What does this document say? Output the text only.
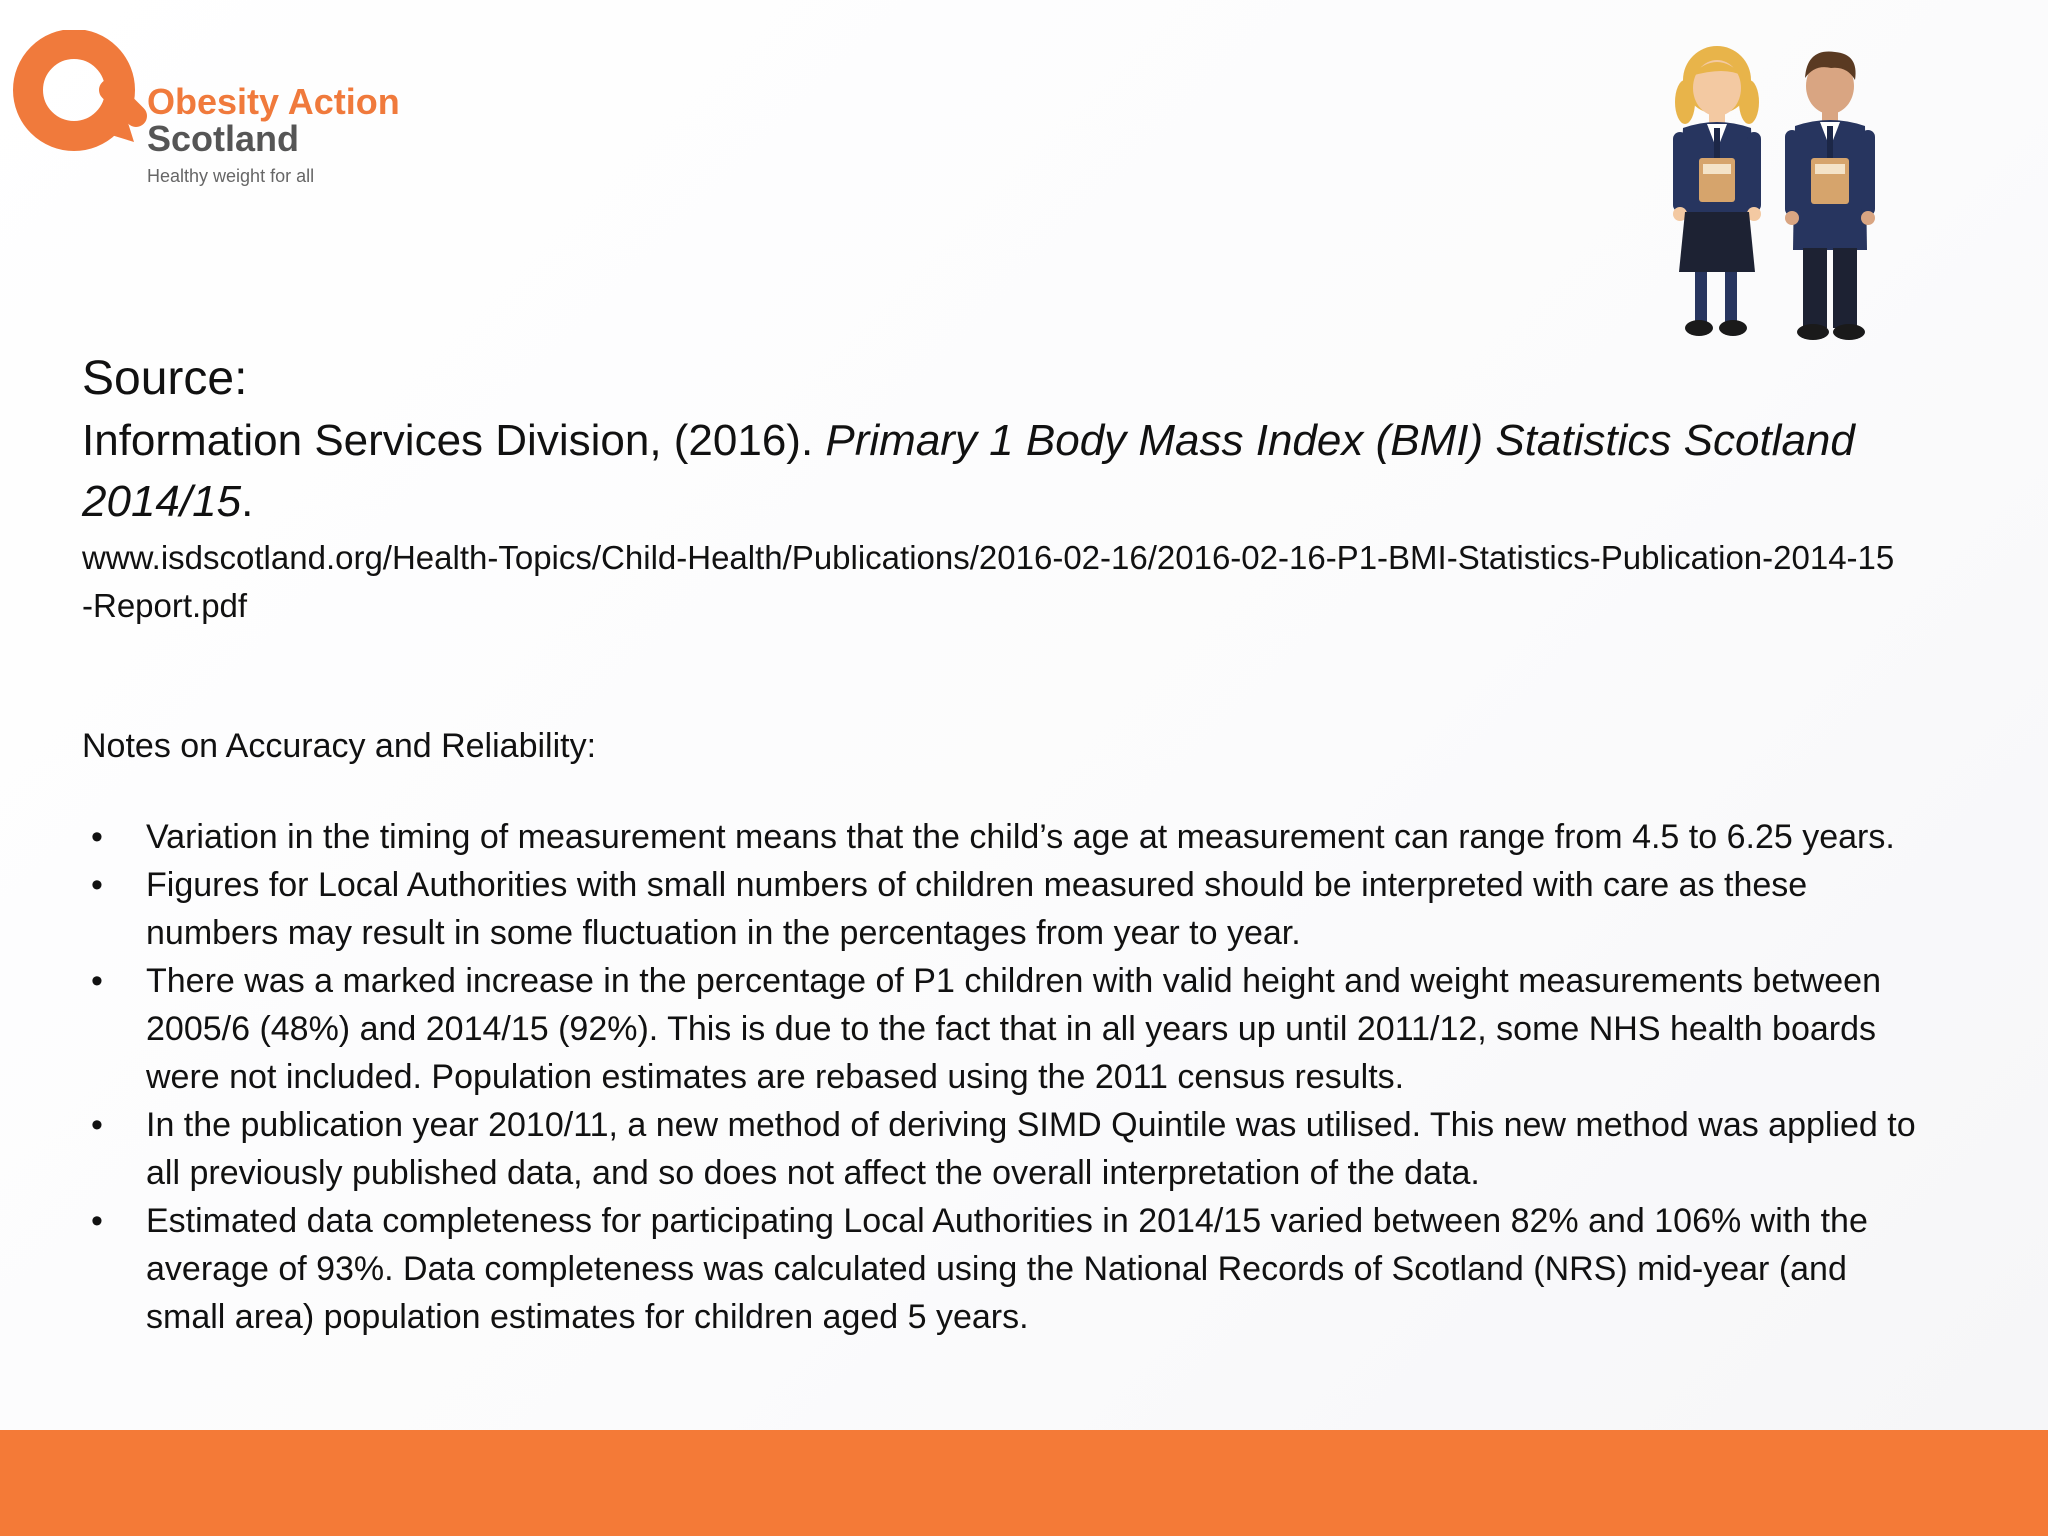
Obesity Action
Scotland
Healthy weight for all

Source:

Information Services Division, (2016). Primary 1 Body Mass Index (BMI) Statistics Scotland 2014/15.

www.isdscotland.org/Health-Topics/Child-Health/Publications/2016-02-16/2016-02-16-P1-BMI-Statistics-Publication-2014-15-Report.pdf

Notes on Accuracy and Reliability:

• Variation in the timing of measurement means that the child’s age at measurement can range from 4.5 to 6.25 years.
• Figures for Local Authorities with small numbers of children measured should be interpreted with care as these numbers may result in some fluctuation in the percentages from year to year.
• There was a marked increase in the percentage of P1 children with valid height and weight measurements between 2005/6 (48%) and 2014/15 (92%). This is due to the fact that in all years up until 2011/12, some NHS health boards were not included. Population estimates are rebased using the 2011 census results.
• In the publication year 2010/11, a new method of deriving SIMD Quintile was utilised. This new method was applied to all previously published data, and so does not affect the overall interpretation of the data.
• Estimated data completeness for participating Local Authorities in 2014/15 varied between 82% and 106% with the average of 93%. Data completeness was calculated using the National Records of Scotland (NRS) mid-year (and small area) population estimates for children aged 5 years.
